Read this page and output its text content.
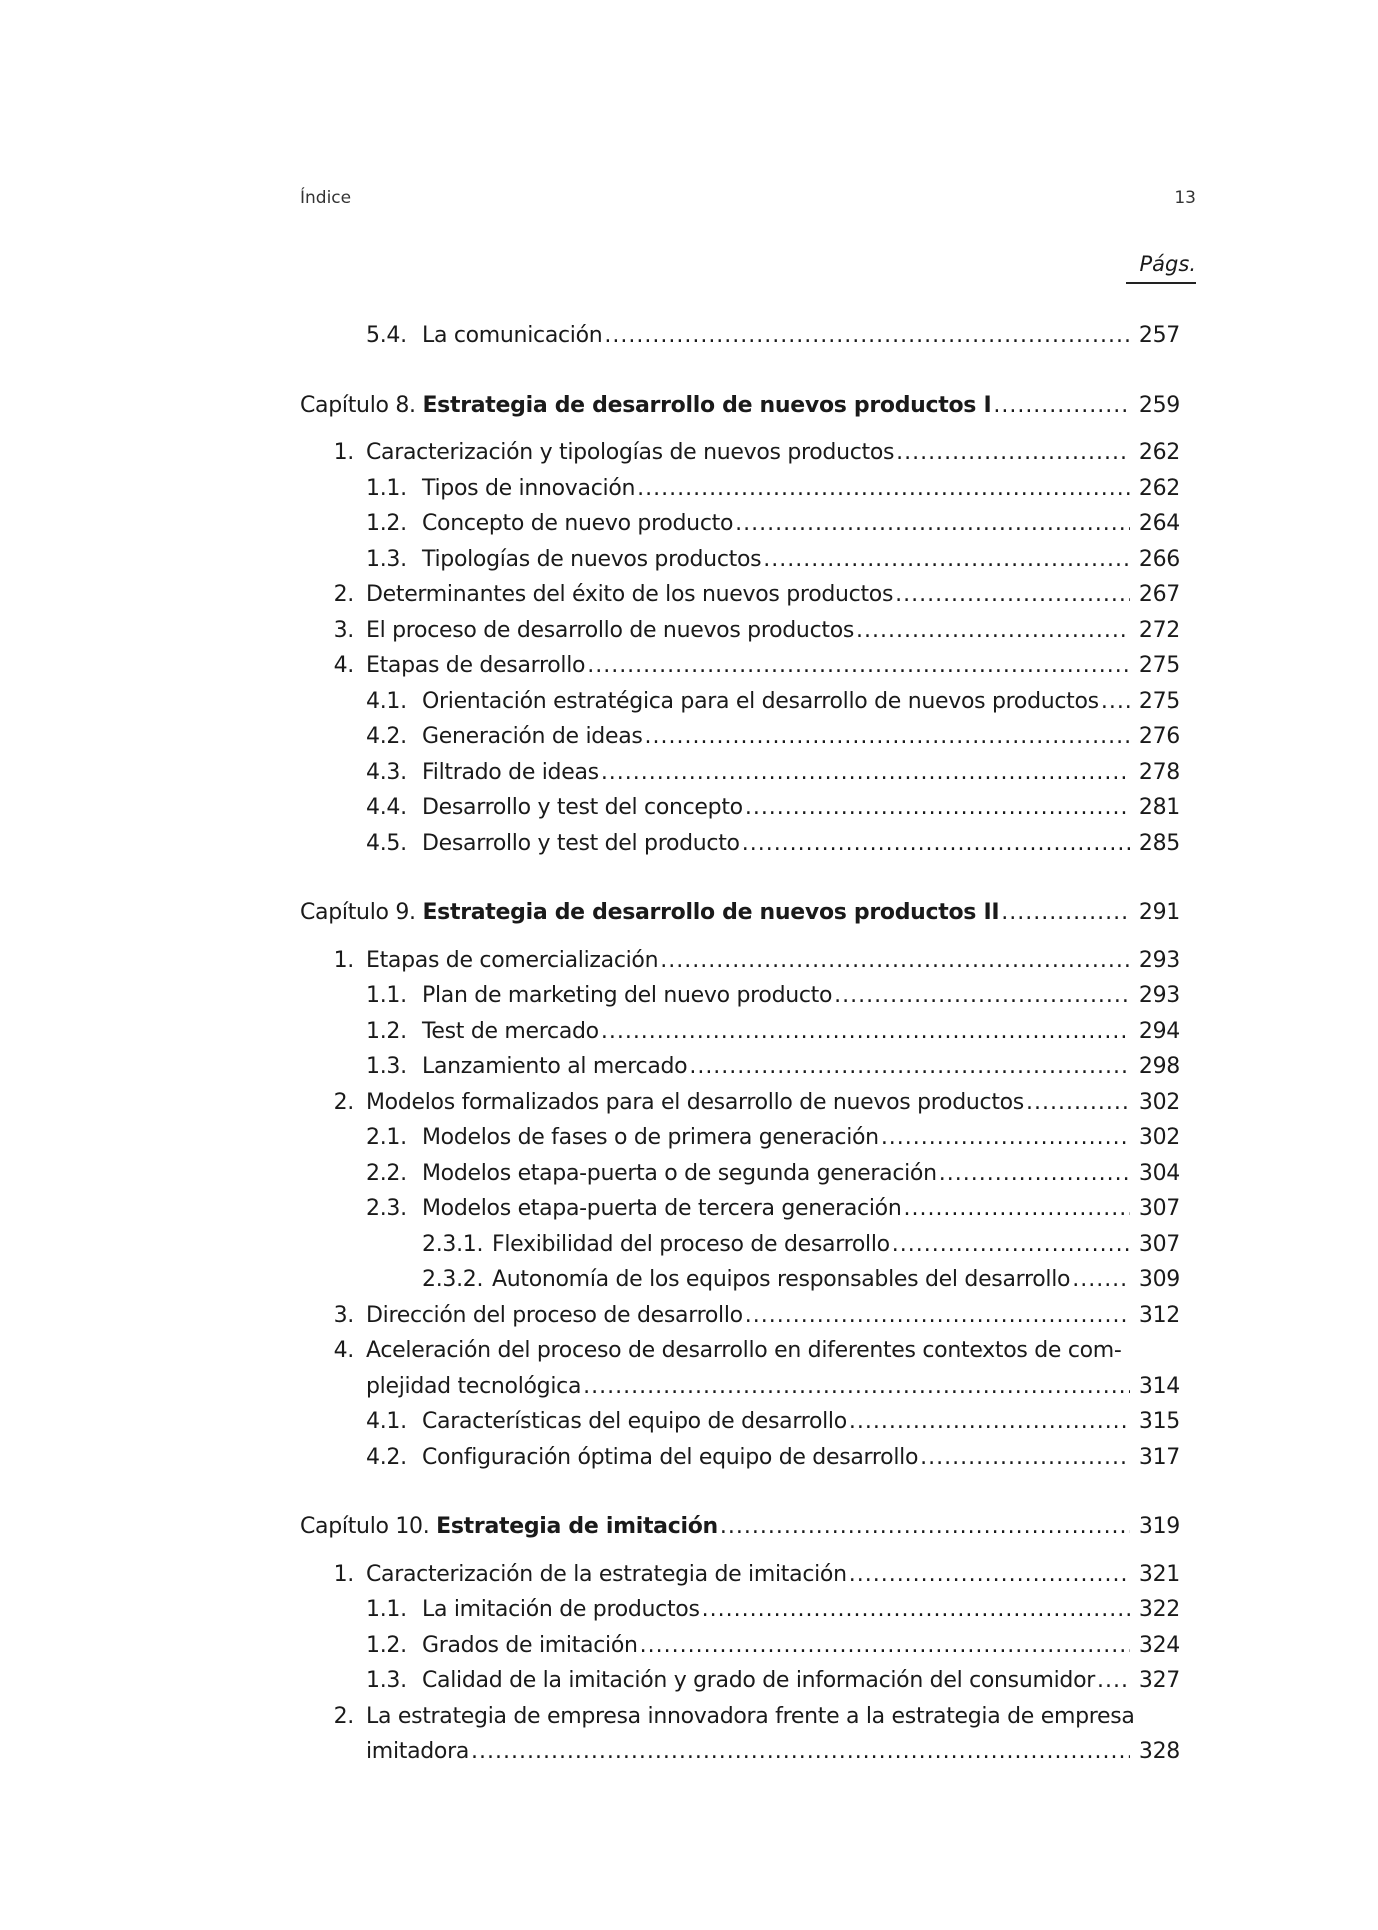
Índice	13
Págs.
5.4. La comunicación .....	257
Capítulo 8. Estrategia de desarrollo de nuevos productos I .....	259
1. Caracterización y tipologías de nuevos productos .....	262
1.1. Tipos de innovación .....	262
1.2. Concepto de nuevo producto .....	264
1.3. Tipologías de nuevos productos .....	266
2. Determinantes del éxito de los nuevos productos .....	267
3. El proceso de desarrollo de nuevos productos .....	272
4. Etapas de desarrollo .....	275
4.1. Orientación estratégica para el desarrollo de nuevos productos ..... 275
4.2. Generación de ideas .....	276
4.3. Filtrado de ideas .....	278
4.4. Desarrollo y test del concepto .....	281
4.5. Desarrollo y test del producto .....	285
Capítulo 9. Estrategia de desarrollo de nuevos productos II .....	291
1. Etapas de comercialización .....	293
1.1. Plan de marketing del nuevo producto .....	293
1.2. Test de mercado .....	294
1.3. Lanzamiento al mercado .....	298
2. Modelos formalizados para el desarrollo de nuevos productos .....	302
2.1. Modelos de fases o de primera generación .....	302
2.2. Modelos etapa-puerta o de segunda generación .....	304
2.3. Modelos etapa-puerta de tercera generación .....	307
2.3.1. Flexibilidad del proceso de desarrollo .....	307
2.3.2. Autonomía de los equipos responsables del desarrollo .....	309
3. Dirección del proceso de desarrollo .....	312
4. Aceleración del proceso de desarrollo en diferentes contextos de com-
plejidad tecnológica .....	314
4.1. Características del equipo de desarrollo .....	315
4.2. Configuración óptima del equipo de desarrollo .....	317
Capítulo 10. Estrategia de imitación .....	319
1. Caracterización de la estrategia de imitación .....	321
1.1. La imitación de productos .....	322
1.2. Grados de imitación .....	324
1.3. Calidad de la imitación y grado de información del consumidor ..... 327
2. La estrategia de empresa innovadora frente a la estrategia de empresa
imitadora .....	328
